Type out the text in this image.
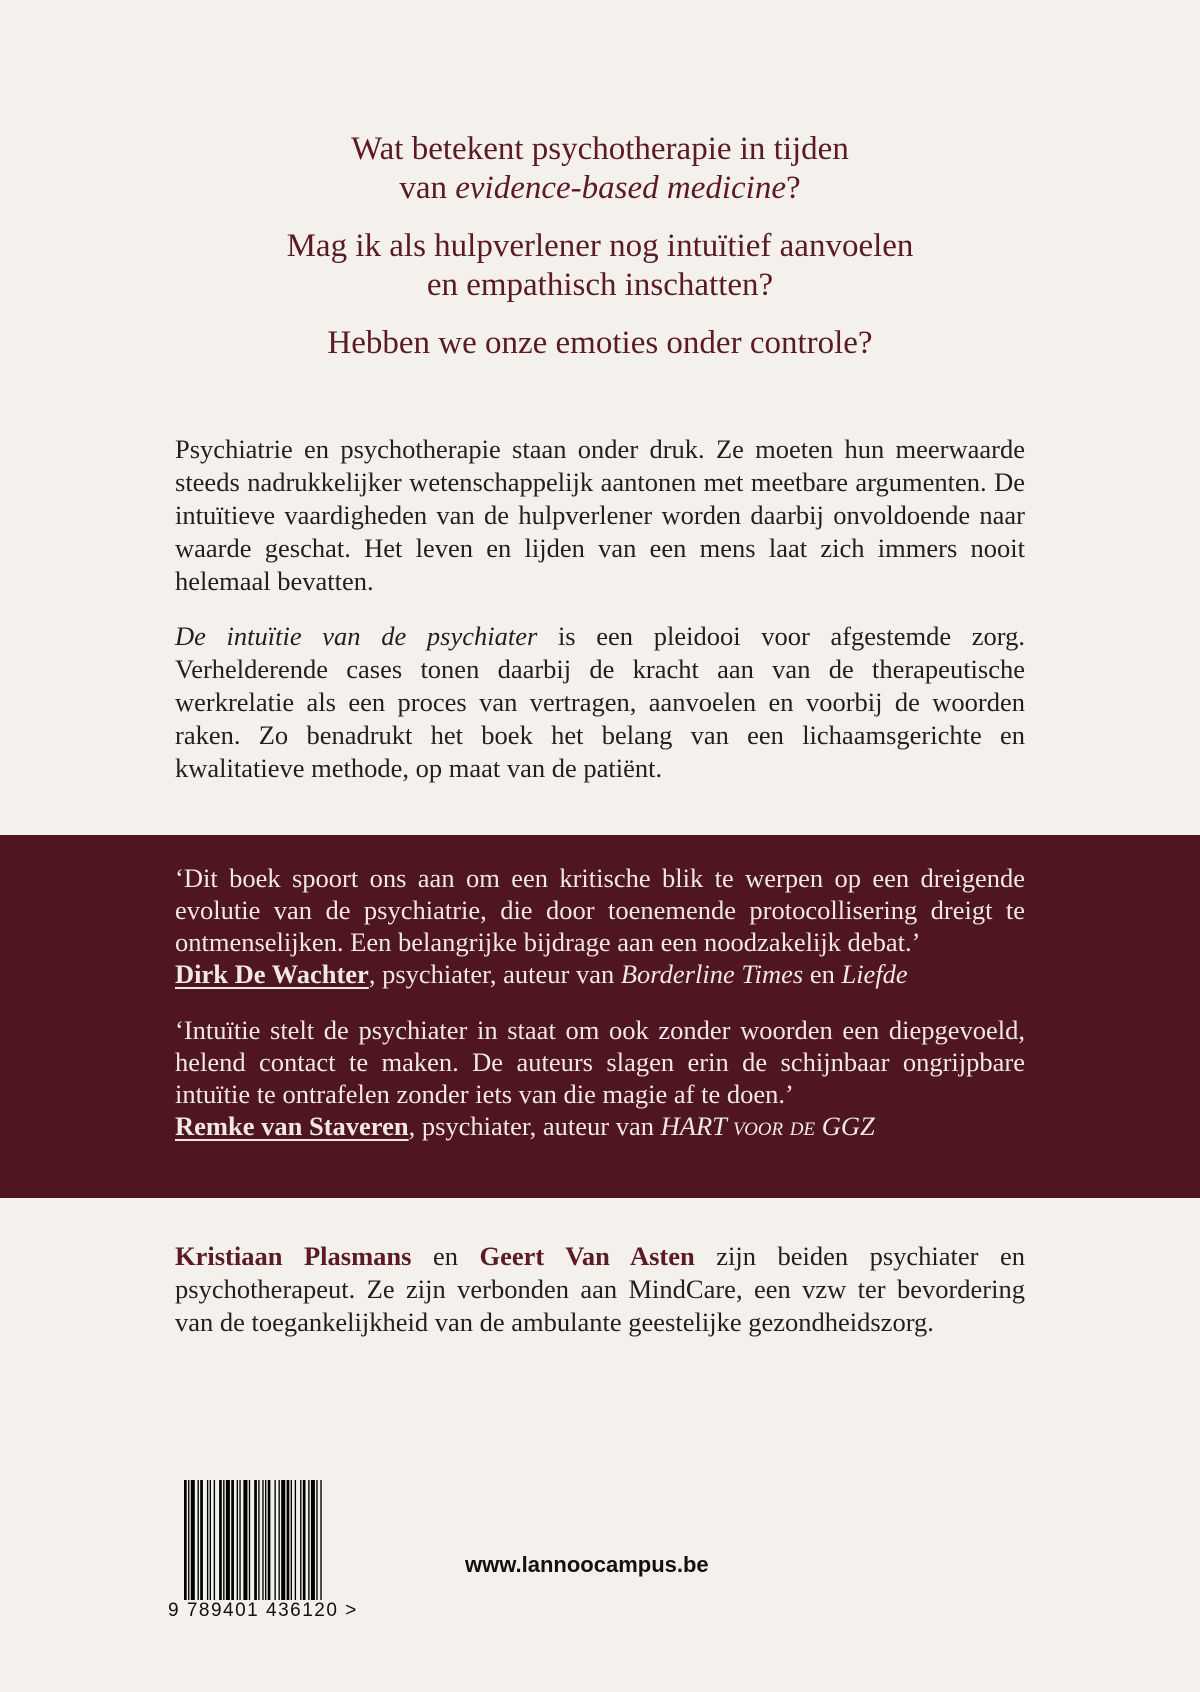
Wat betekent psychotherapie in tijden
van evidence-based medicine?

Mag ik als hulpverlener nog intuïtief aanvoelen
en empathisch inschatten?

Hebben we onze emoties onder controle?

Psychiatrie en psychotherapie staan onder druk. Ze moeten hun meerwaarde steeds nadrukkelijker wetenschappelijk aantonen met meetbare argumenten. De intuïtieve vaardigheden van de hulpverlener worden daarbij onvoldoende naar waarde geschat. Het leven en lijden van een mens laat zich immers nooit helemaal bevatten.

De intuïtie van de psychiater is een pleidooi voor afgestemde zorg. Verhelderende cases tonen daarbij de kracht aan van de therapeutische werkrelatie als een proces van vertragen, aanvoelen en voorbij de woorden raken. Zo benadrukt het boek het belang van een lichaamsgerichte en kwalitatieve methode, op maat van de patiënt.

‘Dit boek spoort ons aan om een kritische blik te werpen op een dreigende evolutie van de psychiatrie, die door toenemende protocollisering dreigt te ontmenselijken. Een belangrijke bijdrage aan een noodzakelijk debat.’

Dirk De Wachter, psychiater, auteur van Borderline Times en Liefde

‘Intuïtie stelt de psychiater in staat om ook zonder woorden een diepgevoeld, helend contact te maken. De auteurs slagen erin de schijnbaar ongrijpbare intuïtie te ontrafelen zonder iets van die magie af te doen.’

Remke van Staveren, psychiater, auteur van HART voor de GGZ

Kristiaan Plasmans en Geert Van Asten zijn beiden psychiater en psychotherapeut. Ze zijn verbonden aan MindCare, een vzw ter bevordering van de toegankelijkheid van de ambulante geestelijke gezondheidszorg.

9 789401 436120 >
www.lannoocampus.be
